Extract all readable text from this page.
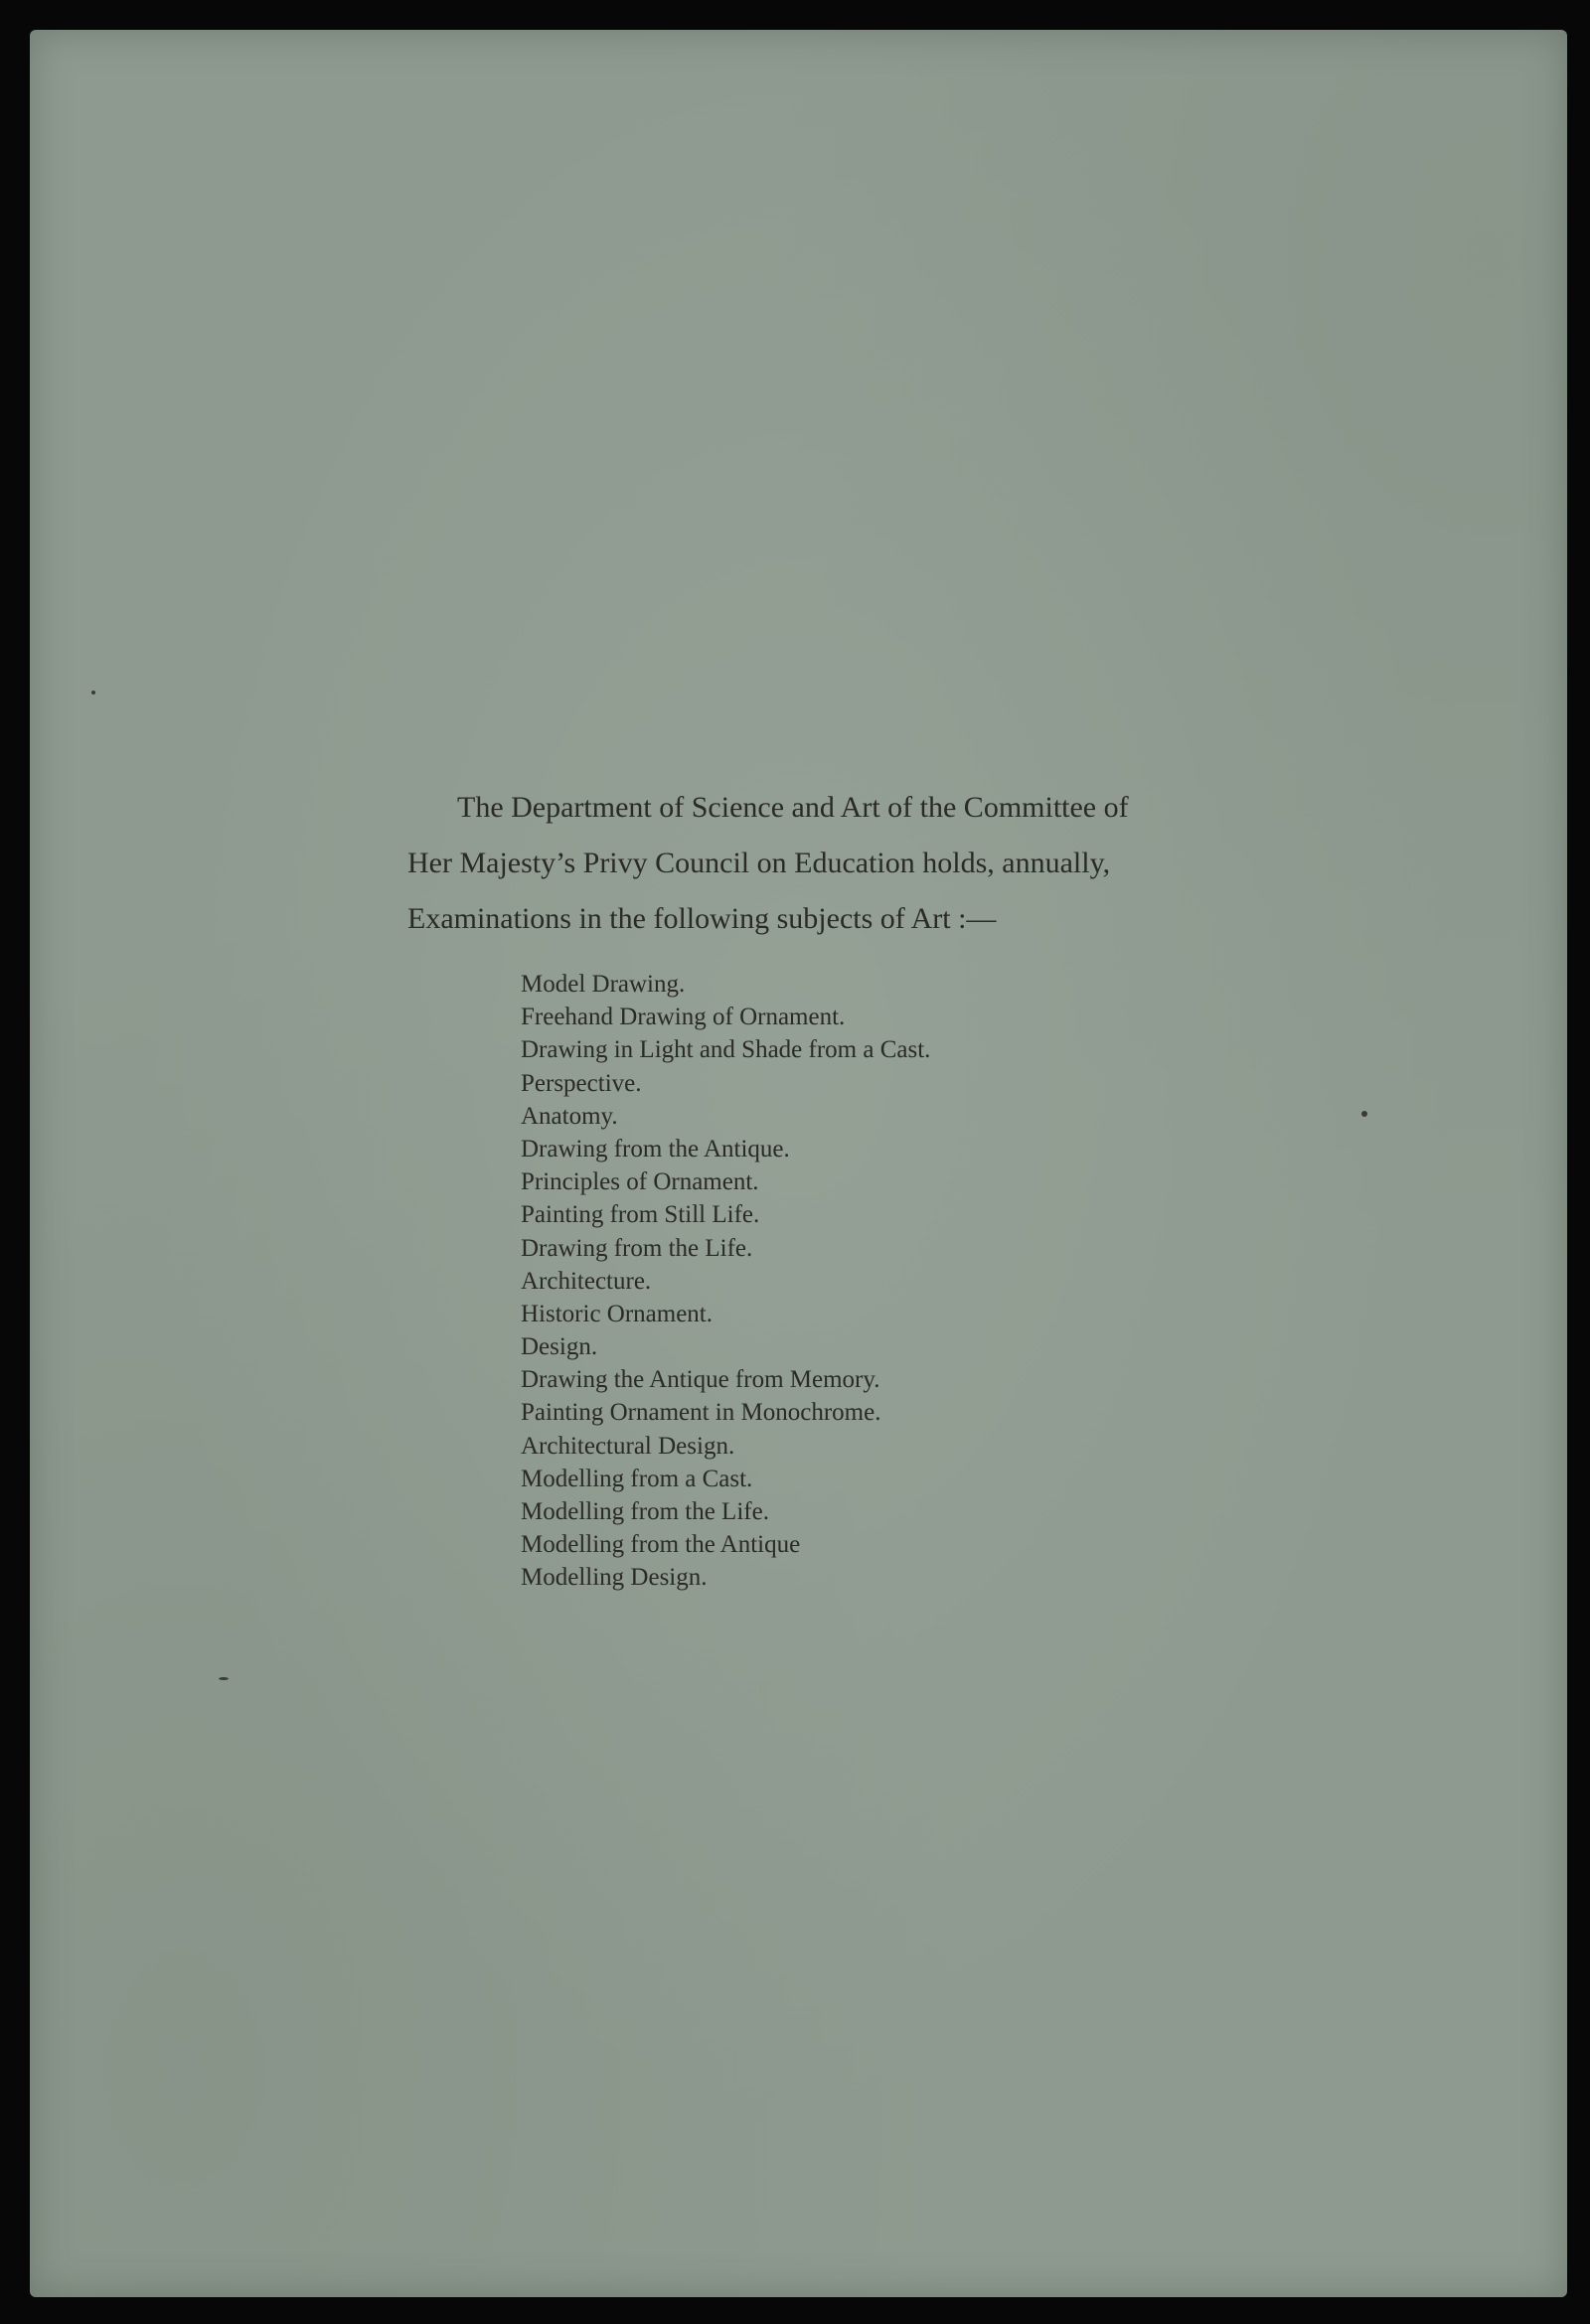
The Department of Science and Art of the Committee of
Her Majesty’s Privy Council on Education holds, annually,
Examinations in the following subjects of Art :—

Model Drawing.
Freehand Drawing of Ornament.
Drawing in Light and Shade from a Cast.
Perspective.
Anatomy.
Drawing from the Antique.
Principles of Ornament.
Painting from Still Life.
Drawing from the Life.
Architecture.
Historic Ornament.
Design.
Drawing the Antique from Memory.
Painting Ornament in Monochrome.
Architectural Design.
Modelling from a Cast.
Modelling from the Life.
Modelling from the Antique
Modelling Design.
